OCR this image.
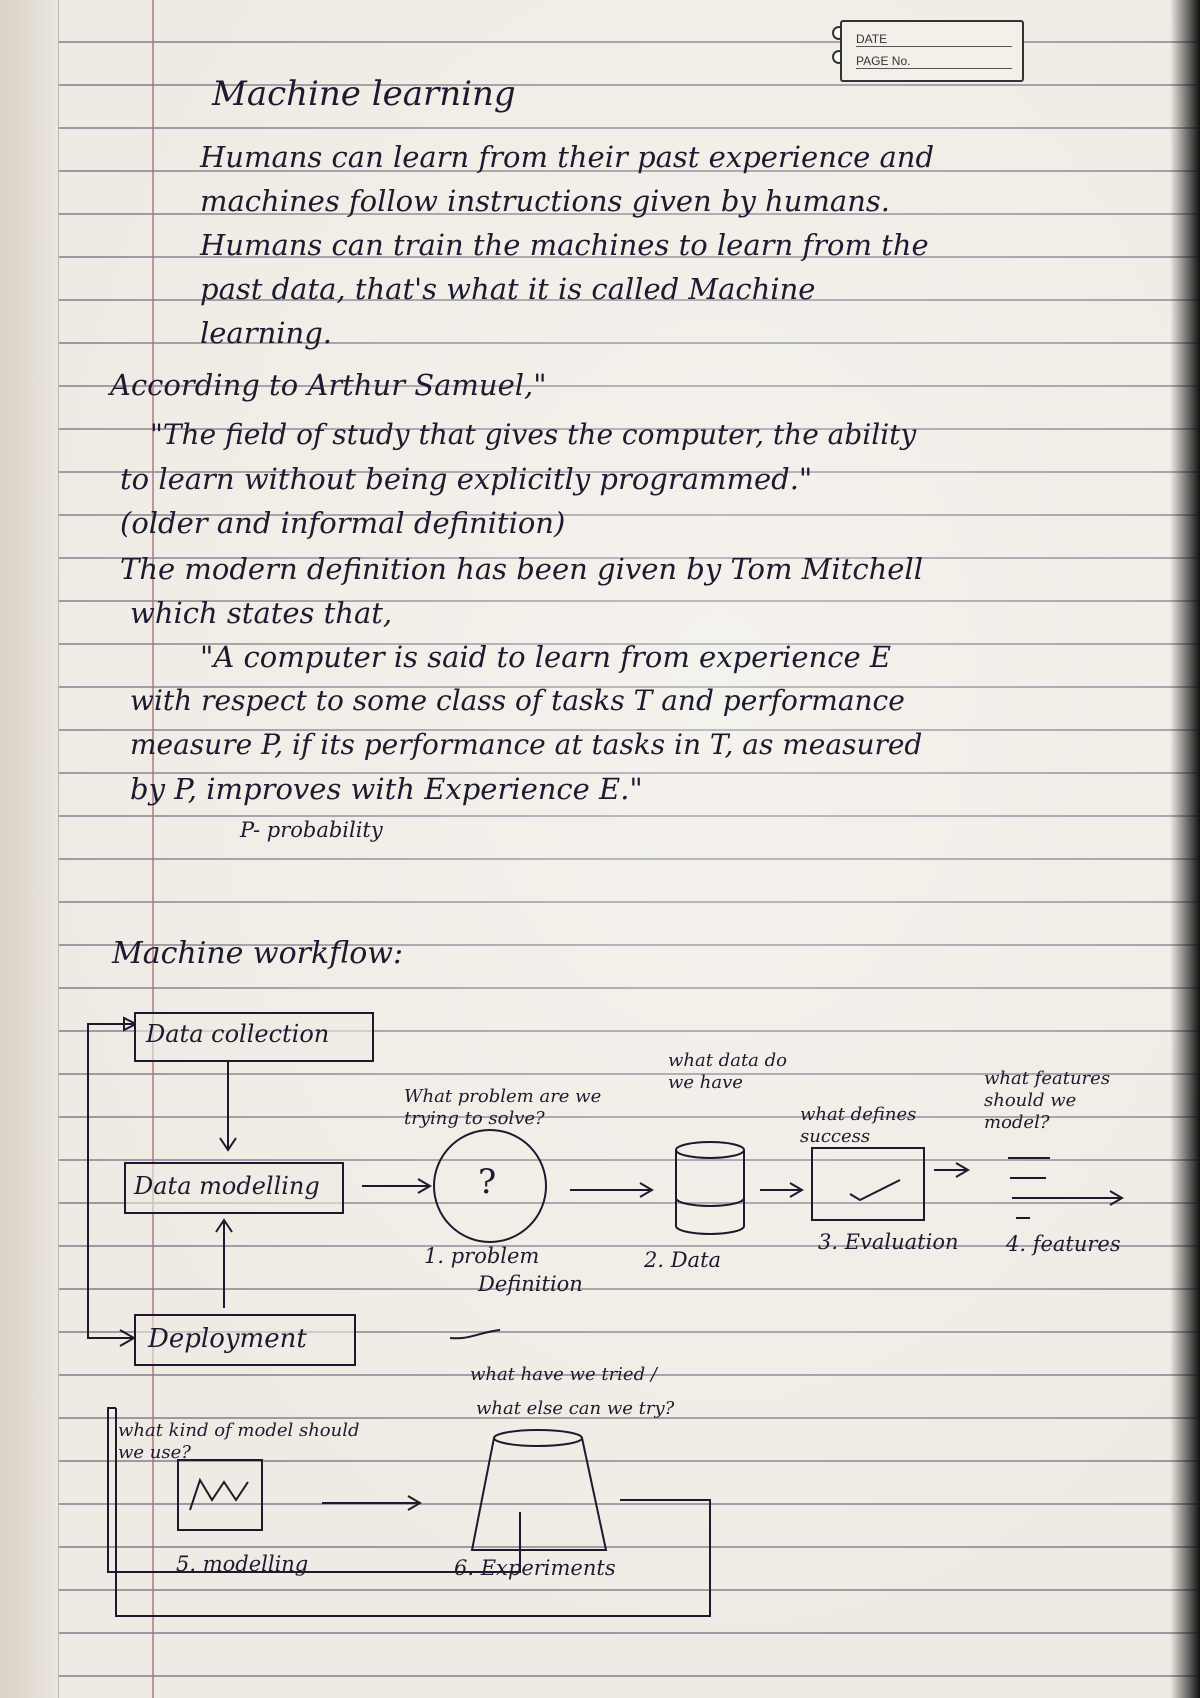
DATE
PAGE No.
Machine learning
Humans can learn from their past experience and
machines follow instructions given by humans.
Humans can train the machines to learn from the
past data, that's what it is called Machine
learning.
According to Arthur Samuel,"
"The field of study that gives the computer, the ability
to learn without being explicitly programmed."
(older and informal definition)
The modern definition has been given by Tom Mitchell
which states that,
"A computer is said to learn from experience E
with respect to some class of tasks T and performance
measure P, if its performance at tasks in T, as measured
by P, improves with Experience E."
P- probability
Machine workflow:
Data collection
Data modelling
Deployment
What problem are we trying to solve?
what data do we have
what defines success
what features should we model?
?
1. problem
Definition
2. Data
3. Evaluation 4. features
what kind of model should we use?
what have we tried /
what else can we try?
5. modelling	6. Experiments
